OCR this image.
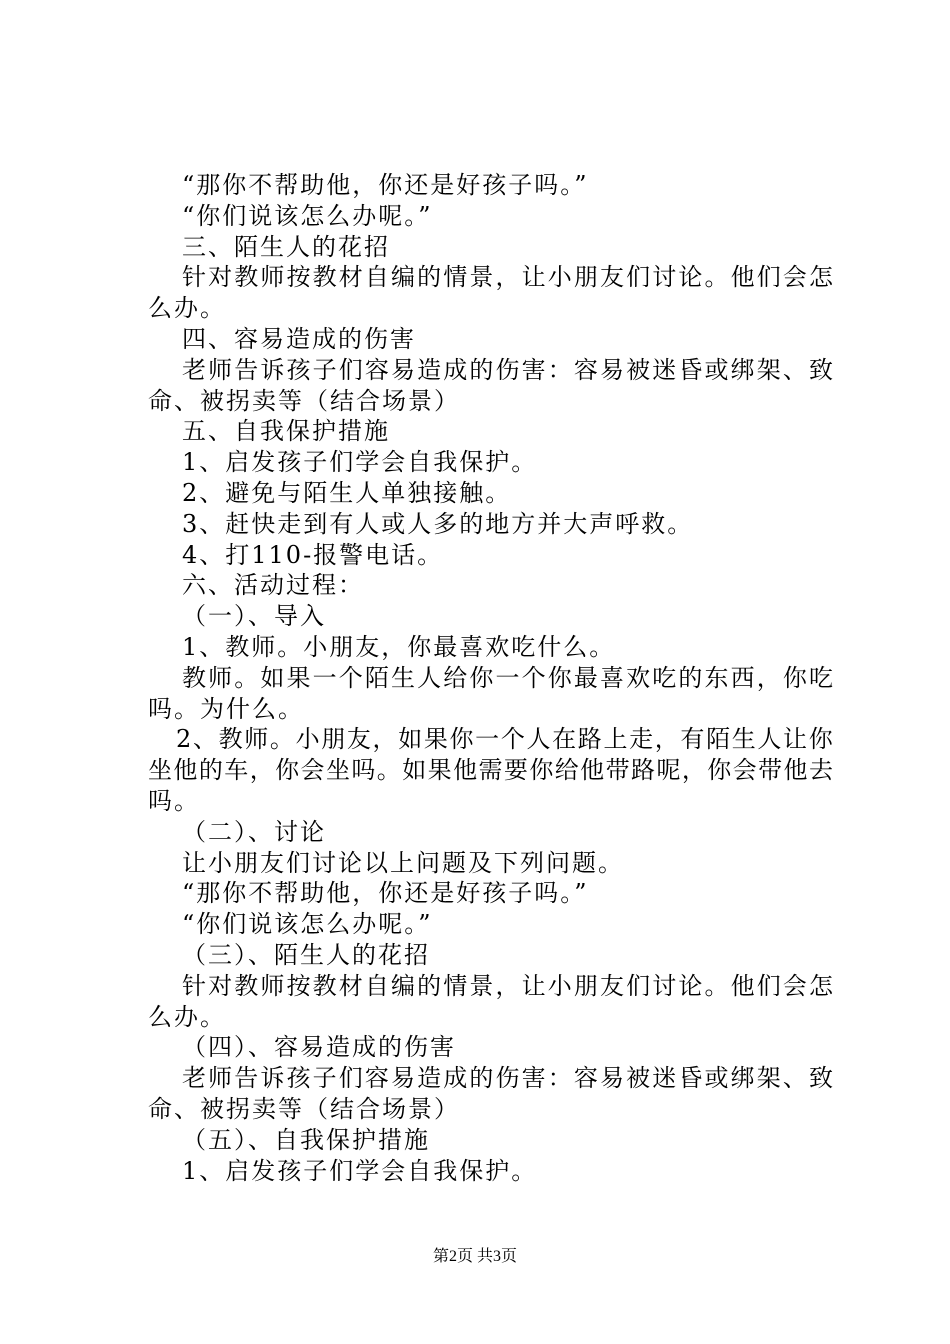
“那你不帮助他，你还是好孩子吗。”
“你们说该怎么办呢。”
三、陌生人的花招
针 对 教 师 按 教 材 自 编 的 情 景 ， 让 小 朋 友 们 讨 论 。 他 们 会 怎
么办。
四、容易造成的伤害
老 师 告 诉 孩 子 们 容 易 造 成 的 伤 害 ： 容 易 被 迷 昏 或 绑 架 、 致
命、被拐卖等（结合场景）
五、自我保护措施
1、启发孩子们学会自我保护。
2、避免与陌生人单独接触。
3、赶快走到有人或人多的地方并大声呼救。
4、打110-报警电话。
六、活动过程：
（一）、导入
1、教师。小朋友，你最喜欢吃什么。
教 师 。 如 果 一 个 陌 生 人 给 你 一 个 你 最 喜 欢 吃 的 东 西 ， 你 吃
吗。为什么。
2 、 教 师 。 小 朋 友 ， 如 果 你 一 个 人 在 路 上 走 ， 有 陌 生 人 让 你
坐 他 的 车 ， 你 会 坐 吗 。 如 果 他 需 要 你 给 他 带 路 呢 ， 你 会 带 他 去
吗。
（二）、讨论
让小朋友们讨论以上问题及下列问题。
“那你不帮助他，你还是好孩子吗。”
“你们说该怎么办呢。”
（三）、陌生人的花招
针 对 教 师 按 教 材 自 编 的 情 景 ， 让 小 朋 友 们 讨 论 。 他 们 会 怎
么办。
（四）、容易造成的伤害
老 师 告 诉 孩 子 们 容 易 造 成 的 伤 害 ： 容 易 被 迷 昏 或 绑 架 、 致
命、被拐卖等（结合场景）
（五）、自我保护措施
1、启发孩子们学会自我保护。
第2页 共3页
